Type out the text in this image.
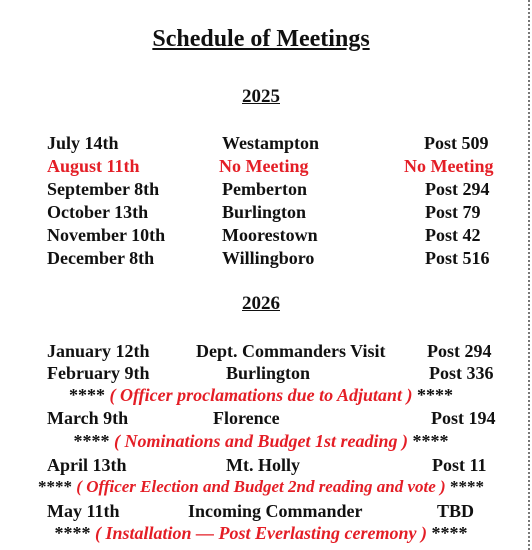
Schedule of Meetings
2025
July 14th	Westampton	Post 509
August 11th	No Meeting	No Meeting
September 8th	Pemberton	Post 294
October 13th	Burlington	Post 79
November 10th	Moorestown	Post 42
December 8th	Willingboro	Post 516
2026
January 12th	Dept. Commanders Visit Post 294
February 9th	Burlington	Post 336
**** ( Officer proclamations due to Adjutant ) ****
March 9th	Florence	Post 194
**** ( Nominations and Budget 1st reading ) ****
April 13th	Mt. Holly	Post 11
**** ( Officer Election and Budget 2nd reading and vote ) ****
May 11th	Incoming Commander	TBD
**** ( Installation — Post Everlasting ceremony ) ****
